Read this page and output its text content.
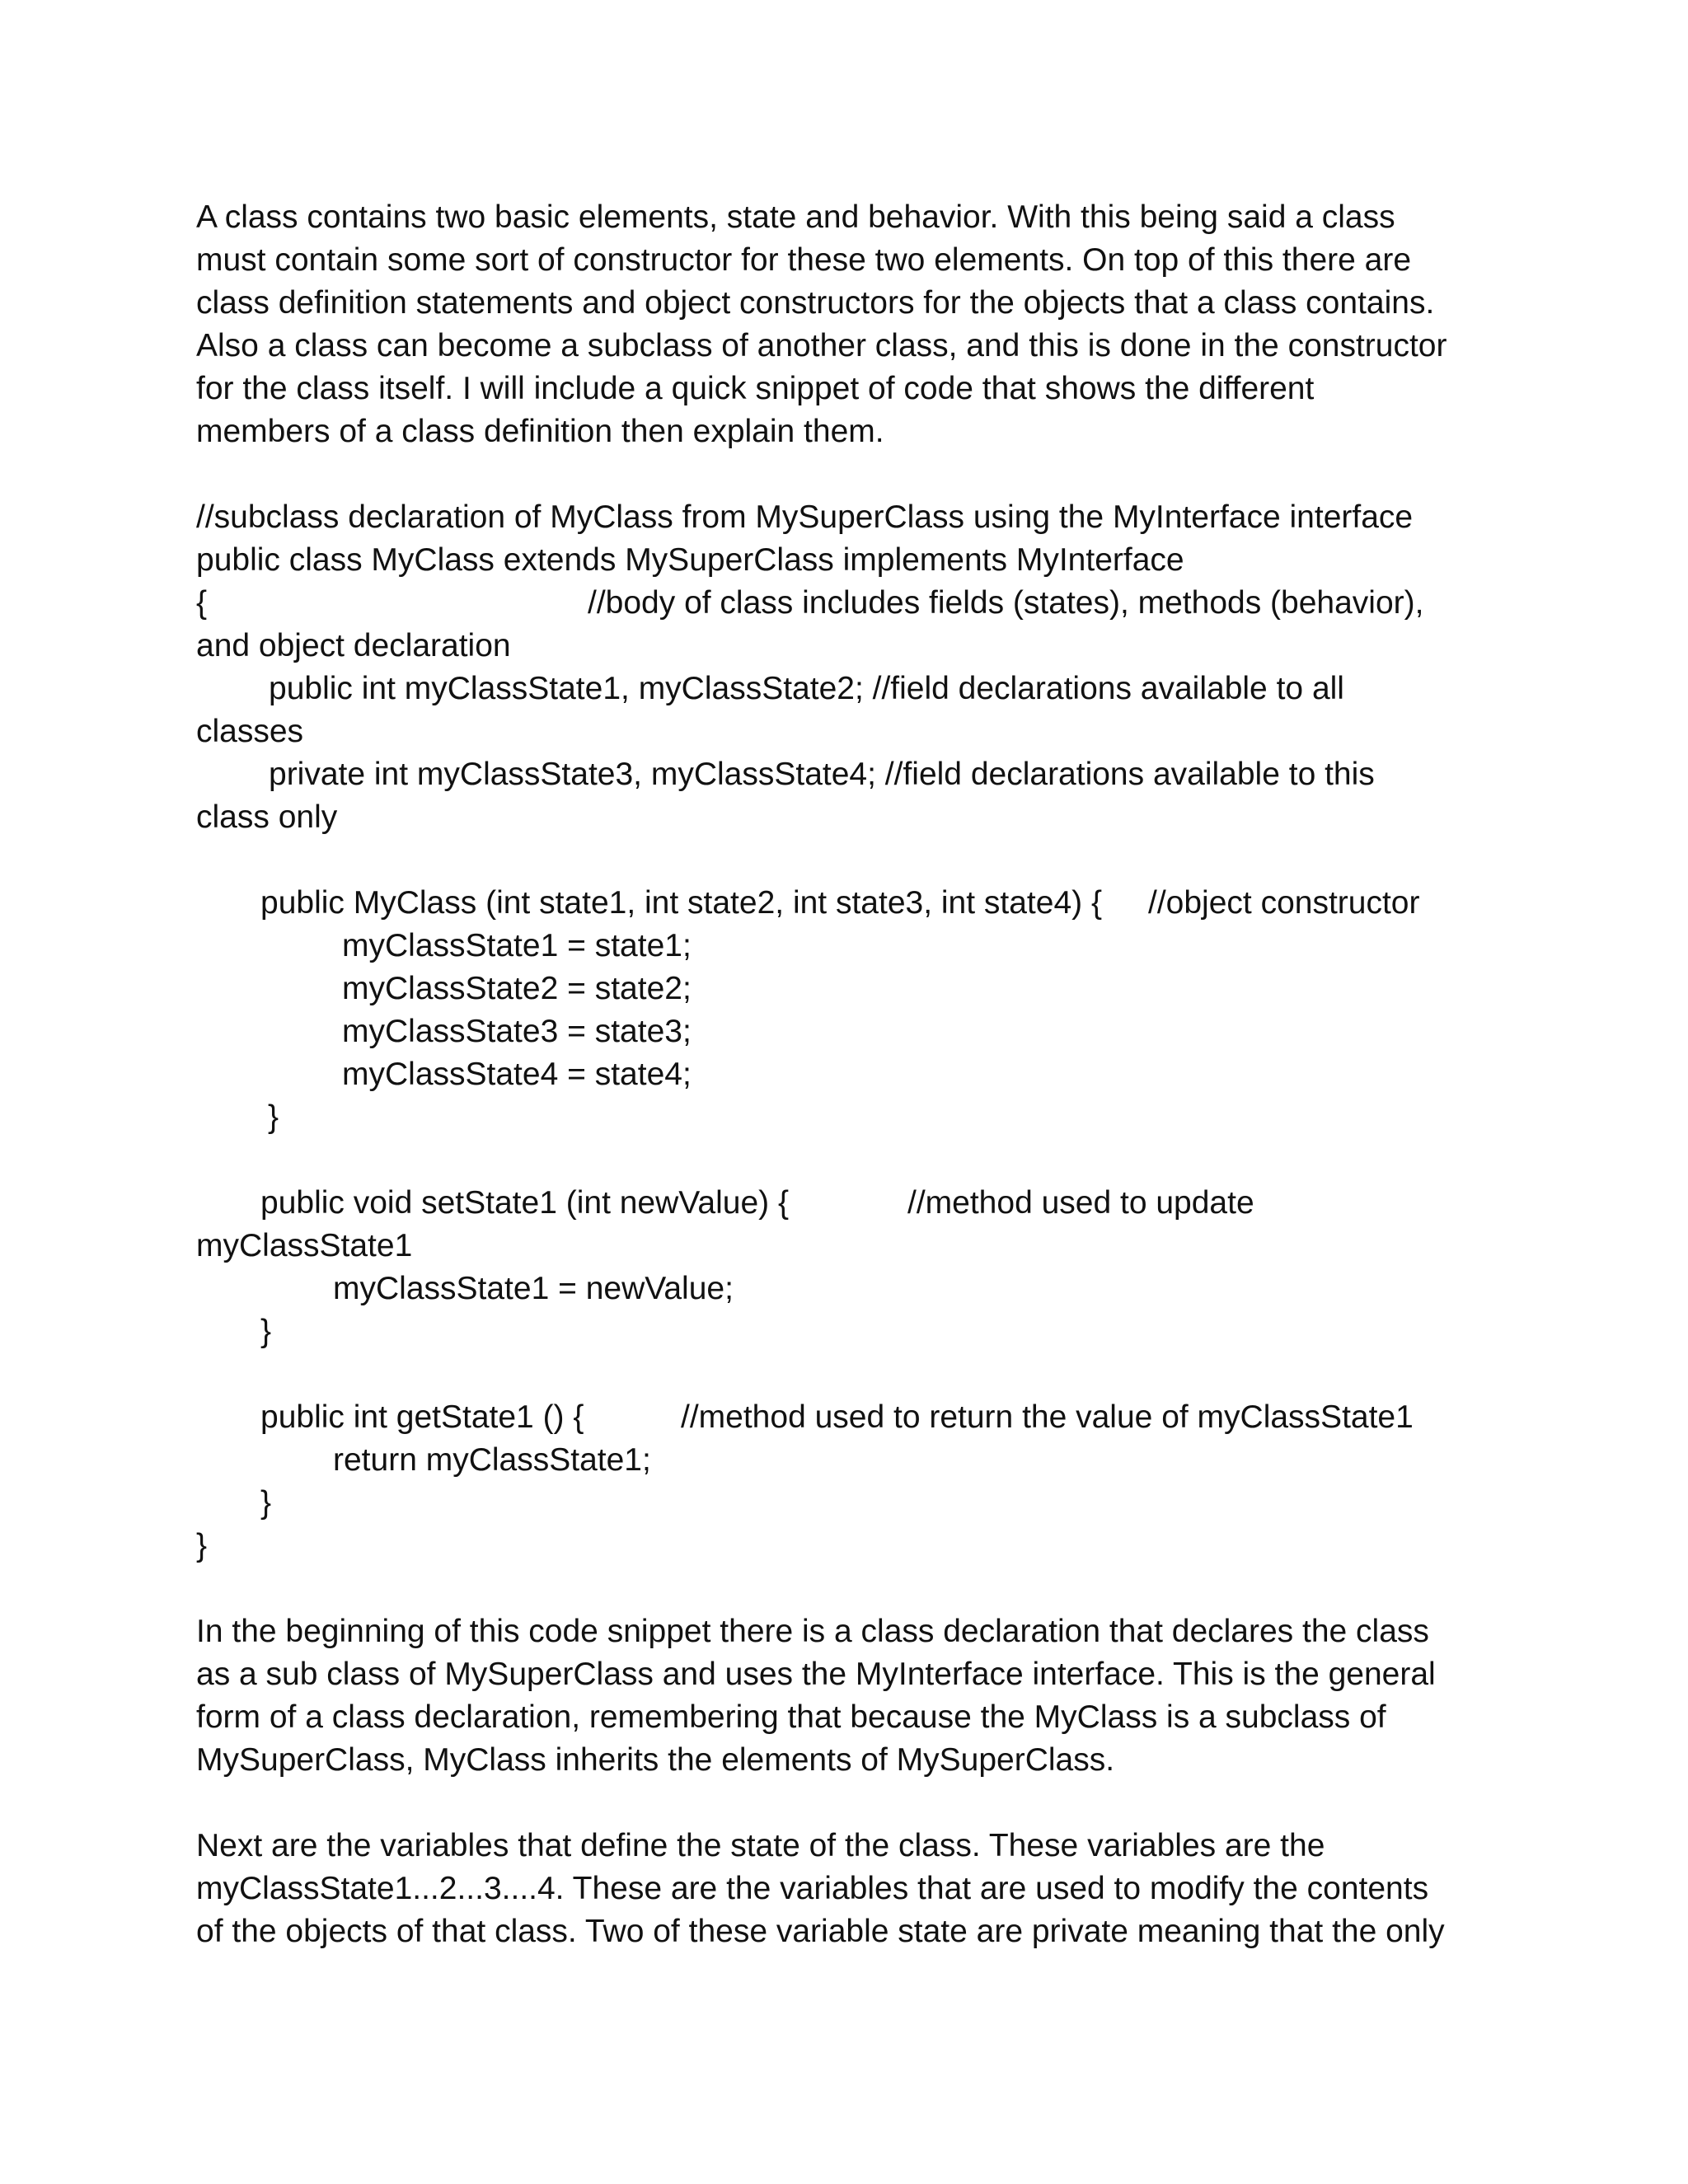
A class contains two basic elements, state and behavior. With this being said a class
must contain some sort of constructor for these two elements. On top of this there are
class definition statements and object constructors for the objects that a class contains.
Also a class can become a subclass of another class, and this is done in the constructor
for the class itself. I will include a quick snippet of code that shows the different
members of a class definition then explain them.
//subclass declaration of MyClass from MySuperClass using the MyInterface interface
public class MyClass extends MySuperClass implements MyInterface
{	//body of class includes fields (states), methods (behavior),
and object declaration
public int myClassState1, myClassState2; //field declarations available to all
classes
private int myClassState3, myClassState4; //field declarations available to this
class only
public MyClass (int state1, int state2, int state3, int state4) { //object constructor
myClassState1 = state1;
myClassState2 = state2;
myClassState3 = state3;
myClassState4 = state4;
}
public void setState1 (int newValue) {	//method used to update
myClassState1
myClassState1 = newValue;
}
public int getState1 () {	//method used to return the value of myClassState1
return myClassState1;
}
}
In the beginning of this code snippet there is a class declaration that declares the class
as a sub class of MySuperClass and uses the MyInterface interface. This is the general
form of a class declaration, remembering that because the MyClass is a subclass of
MySuperClass, MyClass inherits the elements of MySuperClass.
Next are the variables that define the state of the class. These variables are the
myClassState1...2...3....4. These are the variables that are used to modify the contents
of the objects of that class. Two of these variable state are private meaning that the only
